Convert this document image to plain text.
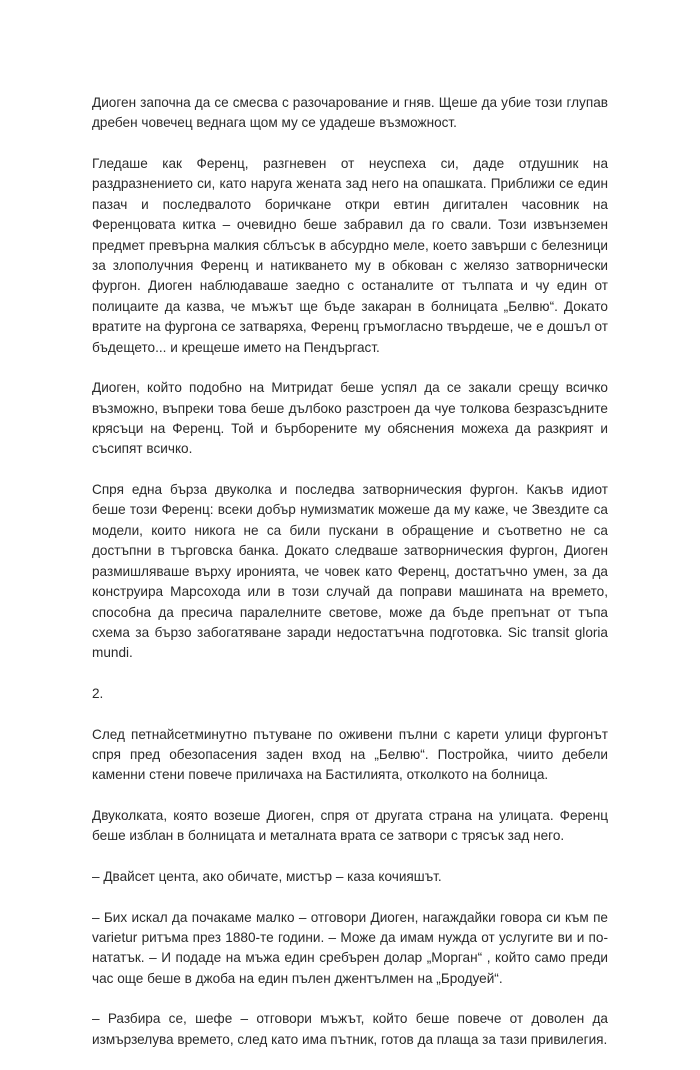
Диоген започна да се смесва с разочарование и гняв. Щеше да убие този глупав дребен човечец веднага щом му се удадеше възможност.

Гледаше как Ференц, разгневен от неуспеха си, даде отдушник на раздразнението си, като наруга жената зад него на опашката. Приближи се един пазач и последвалото боричкане откри евтин дигитален часовник на Ференцовата китка – очевидно беше забравил да го свали. Този извънземен предмет превърна малкия сблъсък в абсурдно меле, което завърши с белезници за злополучния Ференц и натикването му в обкован с желязо затворнически фургон. Диоген наблюдаваше заедно с останалите от тълпата и чу един от полицаите да казва, че мъжът ще бъде закаран в болницата „Белвю“. Докато вратите на фургона се затваряха, Ференц гръмогласно твърдеше, че е дошъл от бъдещето... и крещеше името на Пендъргаст.

Диоген, който подобно на Митридат беше успял да се закали срещу всичко възможно, въпреки това беше дълбоко разстроен да чуе толкова безразсъдните крясъци на Ференц. Той и бърборените му обяснения можеха да разкрият и съсипят всичко.

Спря една бърза двуколка и последва затворническия фургон. Какъв идиот беше този Ференц: всеки добър нумизматик можеше да му каже, че Звездите са модели, които никога не са били пускани в обращение и съответно не са достъпни в търговска банка. Докато следваше затворническия фургон, Диоген размишляваше върху иронията, че човек като Ференц, достатъчно умен, за да конструира Марсохода или в този случай да поправи машината на времето, способна да пресича паралелните светове, може да бъде препънат от тъпа схема за бързо забогатяване заради недостатъчна подготовка. Sic transit gloria mundi.

2.

След петнайсетминутно пътуване по оживени пълни с карети улици фургонът спря пред обезопасения заден вход на „Белвю“. Постройка, чиито дебели каменни стени повече приличаха на Бастилията, отколкото на болница.

Двуколката, която возеше Диоген, спря от другата страна на улицата. Ференц беше изблан в болницата и металната врата се затвори с трясък зад него.

– Двайсет цента, ако обичате, мистър – каза кочияшът.

– Бих искал да почакаме малко – отговори Диоген, нагаждайки говора си към пе varietur ритъма през 1880-те години. – Може да имам нужда от услугите ви и по-нататък. – И подаде на мъжа един сребърен долар „Морган“ , който само преди час още беше в джоба на един пълен джентълмен на „Бродуей“.

– Разбира се, шефе – отговори мъжът, който беше повече от доволен да измързелува времето, след като има пътник, готов да плаща за тази привилегия.
